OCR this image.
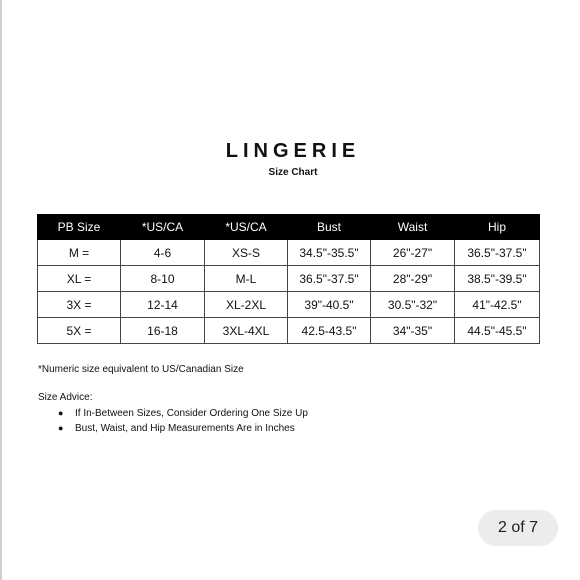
LINGERIE
Size Chart
PB Size	*US/CA	*US/CA	Bust	Waist	Hip
M =	4-6	XS-S	34.5"-35.5"	26"-27"	36.5"-37.5"
XL =	8-10	M-L	36.5"-37.5"	28"-29"	38.5"-39.5"
3X =	12-14	XL-2XL	39"-40.5"	30.5"-32"	41"-42.5"
5X =	16-18	3XL-4XL	42.5-43.5"	34"-35"	44.5"-45.5"
*Numeric size equivalent to US/Canadian Size
Size Advice:
●	If In-Between Sizes, Consider Ordering One Size Up
●	Bust, Waist, and Hip Measurements Are in Inches
2 of 7
